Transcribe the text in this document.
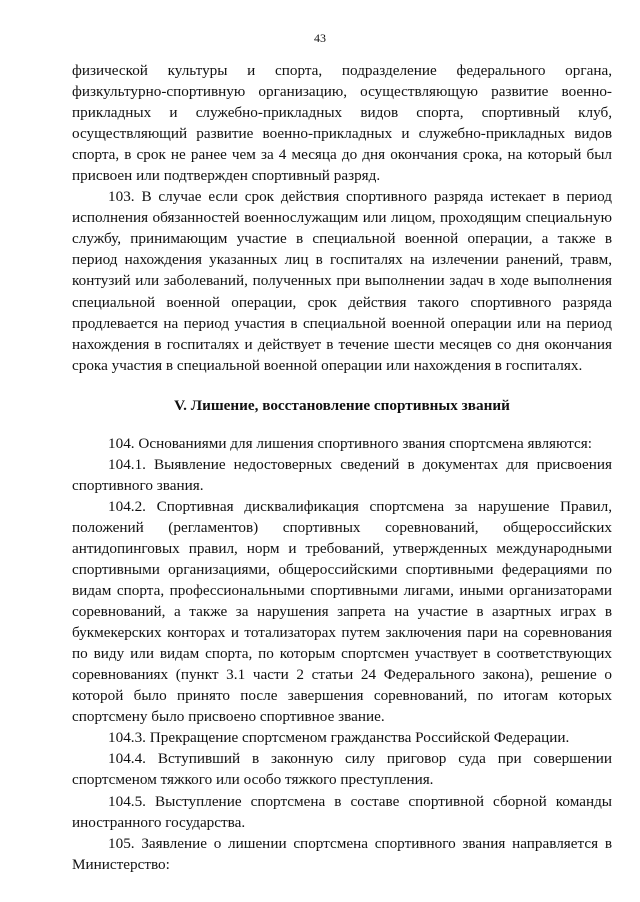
43

физической культуры и спорта, подразделение федерального органа, физкультурно-спортивную организацию, осуществляющую развитие военно-прикладных и служебно-прикладных видов спорта, спортивный клуб, осуществляющий развитие военно-прикладных и служебно-прикладных видов спорта, в срок не ранее чем за 4 месяца до дня окончания срока, на который был присвоен или подтвержден спортивный разряд.

103. В случае если срок действия спортивного разряда истекает в период исполнения обязанностей военнослужащим или лицом, проходящим специальную службу, принимающим участие в специальной военной операции, а также в период нахождения указанных лиц в госпиталях на излечении ранений, травм, контузий или заболеваний, полученных при выполнении задач в ходе выполнения специальной военной операции, срок действия такого спортивного разряда продлевается на период участия в специальной военной операции или на период нахождения в госпиталях и действует в течение шести месяцев со дня окончания срока участия в специальной военной операции или нахождения в госпиталях.

V. Лишение, восстановление спортивных званий

104. Основаниями для лишения спортивного звания спортсмена являются:

104.1. Выявление недостоверных сведений в документах для присвоения спортивного звания.

104.2. Спортивная дисквалификация спортсмена за нарушение Правил, положений (регламентов) спортивных соревнований, общероссийских антидопинговых правил, норм и требований, утвержденных международными спортивными организациями, общероссийскими спортивными федерациями по видам спорта, профессиональными спортивными лигами, иными организаторами соревнований, а также за нарушения запрета на участие в азартных играх в букмекерских конторах и тотализаторах путем заключения пари на соревнования по виду или видам спорта, по которым спортсмен участвует в соответствующих соревнованиях (пункт 3.1 части 2 статьи 24 Федерального закона), решение о которой было принято после завершения соревнований, по итогам которых спортсмену было присвоено спортивное звание.

104.3. Прекращение спортсменом гражданства Российской Федерации.

104.4. Вступивший в законную силу приговор суда при совершении спортсменом тяжкого или особо тяжкого преступления.

104.5. Выступление спортсмена в составе спортивной сборной команды иностранного государства.

105. Заявление о лишении спортсмена спортивного звания направляется в Министерство:
